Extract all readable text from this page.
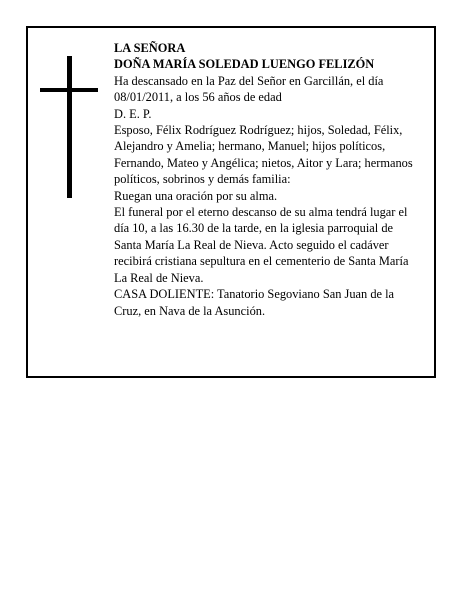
LA SEÑORA

DOÑA MARÍA SOLEDAD LUENGO FELIZÓN

Ha descansado en la Paz del Señor en Garcillán, el día 08/01/2011, a los 56 años de edad

D. E. P.

Esposo, Félix Rodríguez Rodríguez; hijos, Soledad, Félix, Alejandro y Amelia; hermano, Manuel; hijos políticos, Fernando, Mateo y Angélica; nietos, Aitor y Lara; hermanos políticos, sobrinos y demás familia:

Ruegan una oración por su alma.

El funeral por el eterno descanso de su alma tendrá lugar el día 10, a las 16.30 de la tarde, en la iglesia parroquial de Santa María La Real de Nieva. Acto seguido el cadáver recibirá cristiana sepultura en el cementerio de Santa María La Real de Nieva.

CASA DOLIENTE: Tanatorio Segoviano San Juan de la Cruz, en Nava de la Asunción.
